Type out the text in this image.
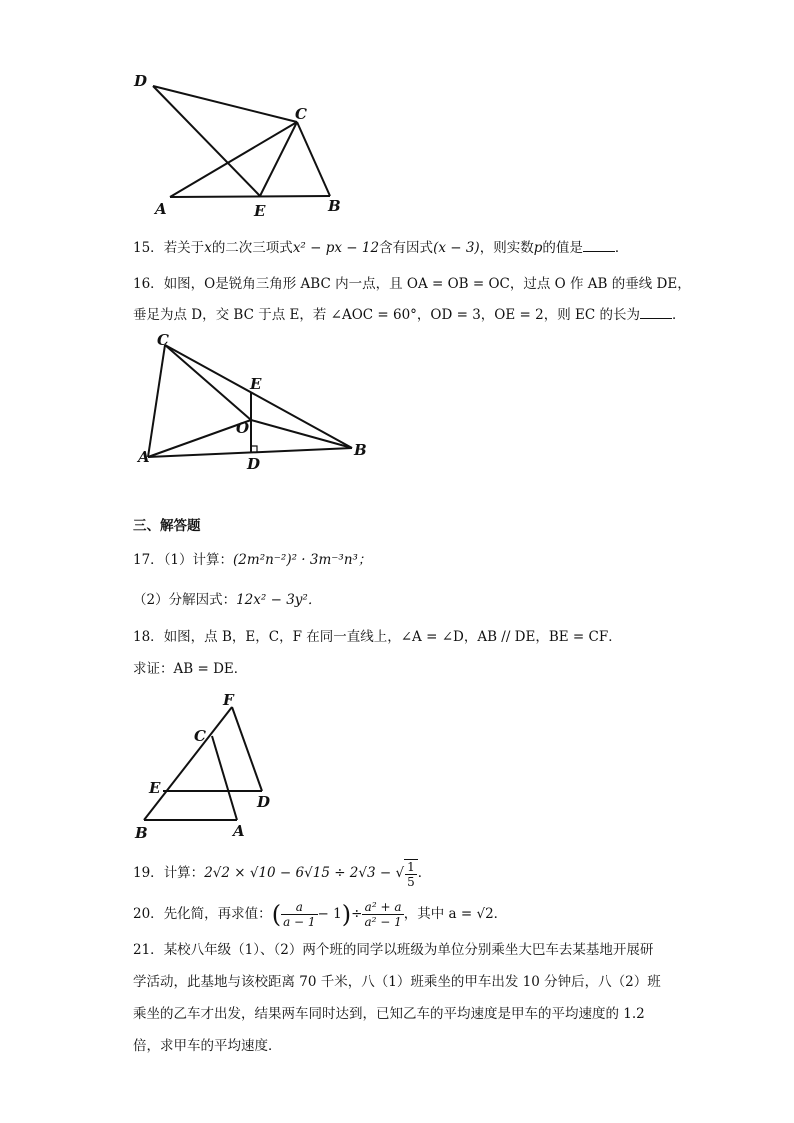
D
C
A	E	B
15．若关于x的二次三项式x² − px − 12含有因式(x − 3)，则实数p的值是 ．
16．如图，O是锐角三角形 ABC 内一点，且 OA = OB = OC，过点 O 作 AB 的垂线 DE，
垂足为点 D，交 BC 于点 E，若 ∠AOC = 60°，OD = 3，OE = 2，则 EC 的长为 ．
C
E
O
A	D
B
三、解答题
17．（1）计算：(2m²n⁻²)² · 3m⁻³n³；
（2）分解因式：12x² − 3y²．
18．如图，点 B，E，C，F 在同一直线上，∠A = ∠D，AB // DE，BE = CF．
求证：AB = DE．
F
C
E
D
B	A
19．计算：2√2 × √10 − 6√15 ÷ 2√3 − √ $\frac{1}{5}$ ．
20．先化简，再求值：( $\frac{a}{a - 1} - 1)\div \frac{\text{a² + a}}{\text{a² − 1}}$ ，其中 a = √2．
21．某校八年级（1）、（2）两个班的同学以班级为单位分别乘坐大巴车去某基地开展研
学活动，此基地与该校距离 70 千米，八（1）班乘坐的甲车出发 10 分钟后，八（2）班
乘坐的乙车才出发，结果两车同时达到，已知乙车的平均速度是甲车的平均速度的 1.2
倍，求甲车的平均速度．
